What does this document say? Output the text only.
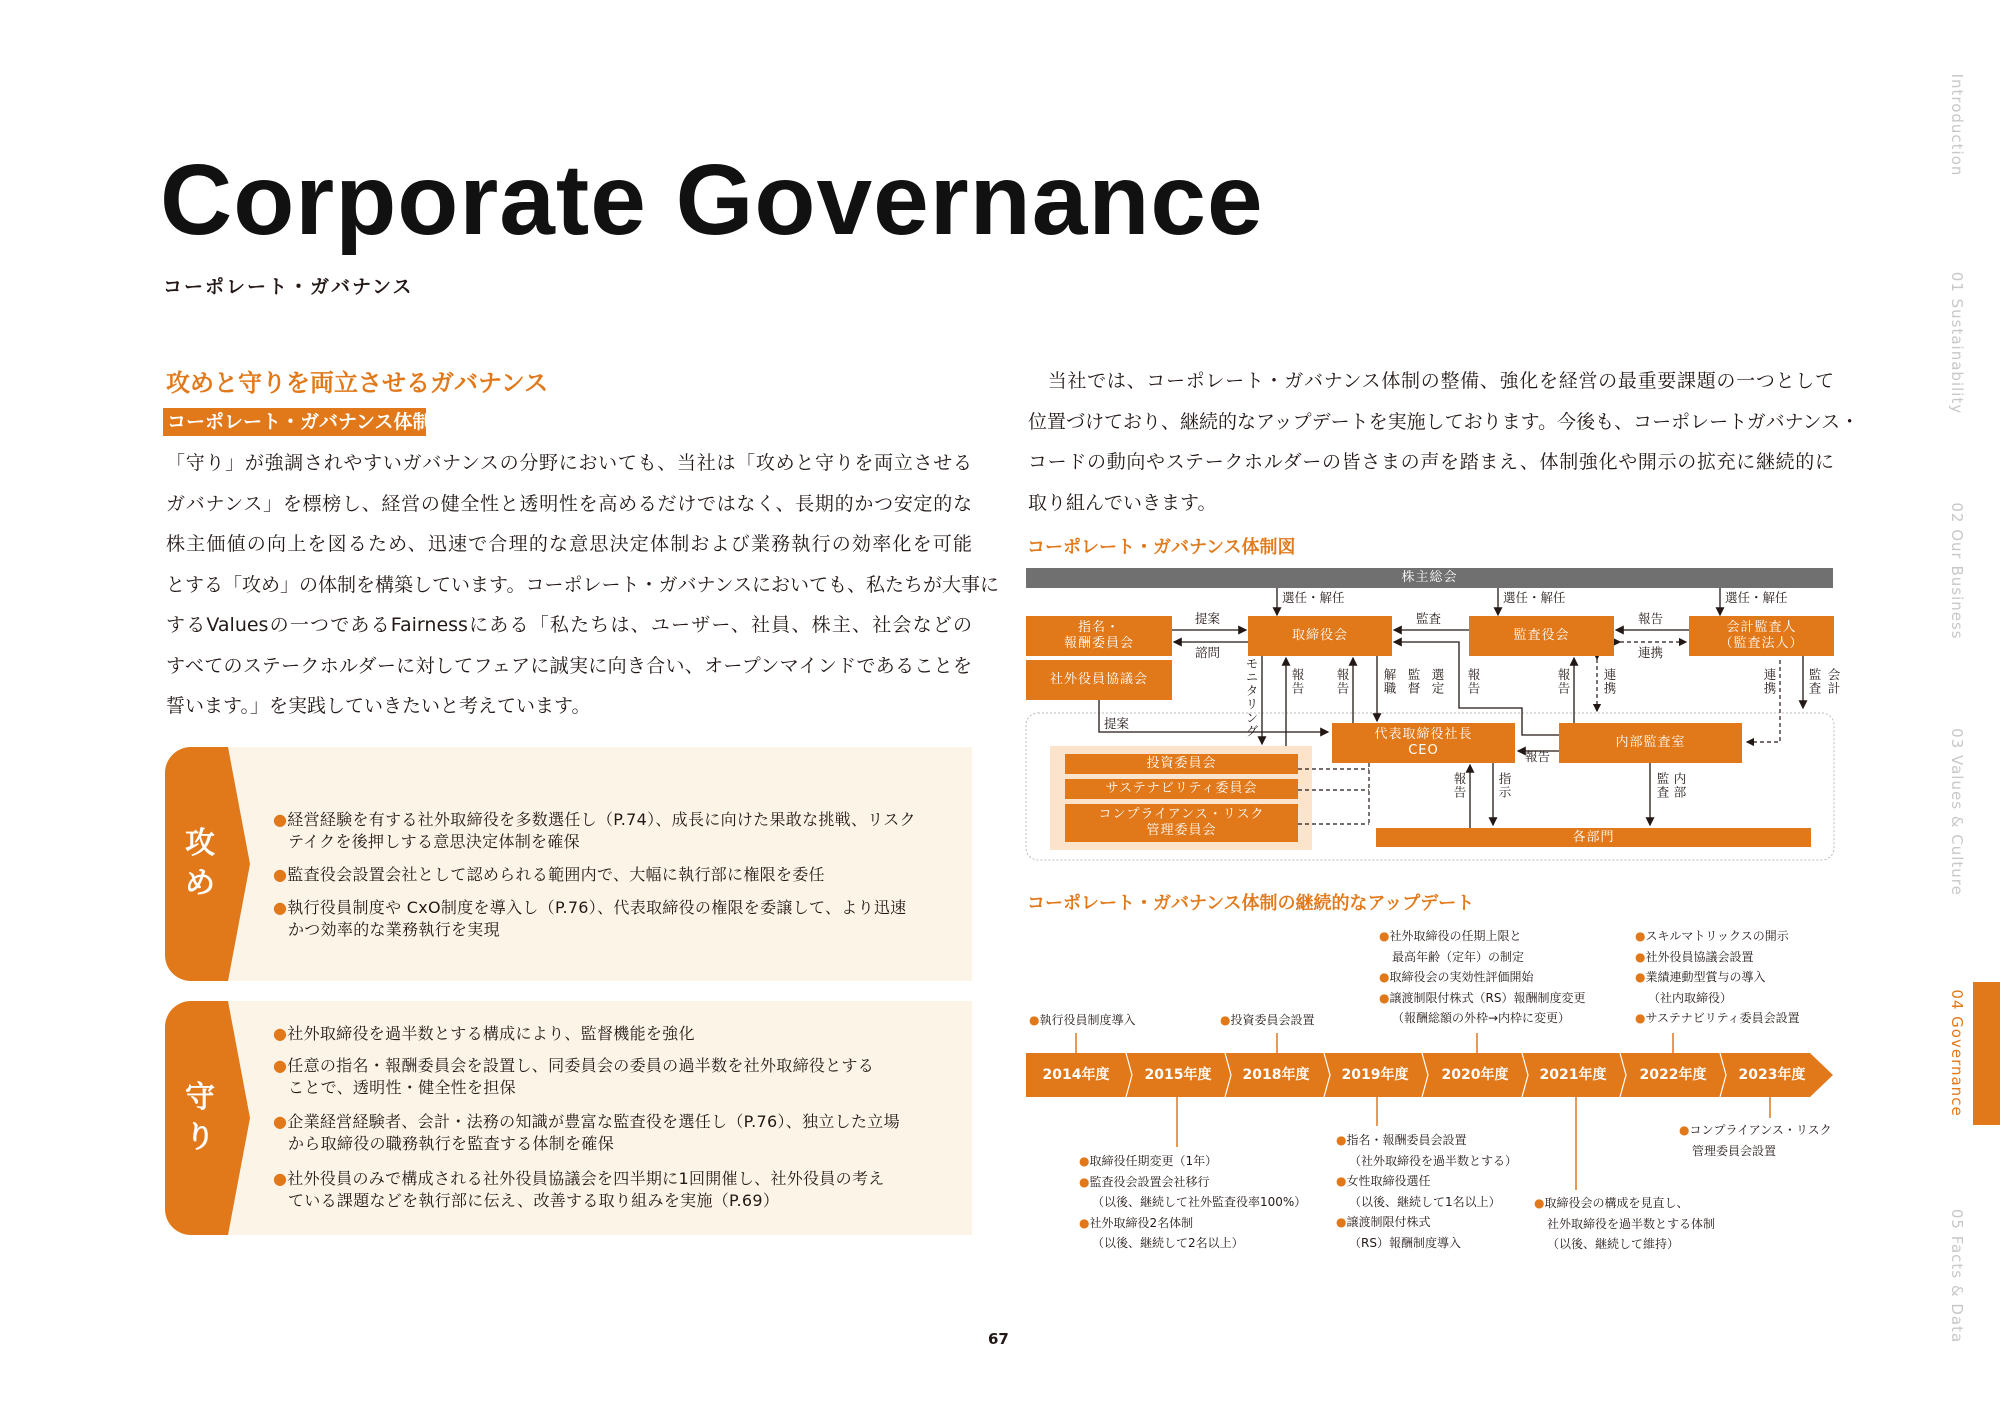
Corporate Governance
コーポレート・ガバナンス
攻めと守りを両立させるガバナンス
コーポレート・ガバナンス体制
「守り」が強調されやすいガバナンスの分野においても、当社は「攻めと守りを両立させる
ガバナンス」を標榜し、経営の健全性と透明性を高めるだけではなく、長期的かつ安定的な
株主価値の向上を図るため、迅速で合理的な意思決定体制および業務執行の効率化を可能
とする「攻め」の体制を構築しています。コーポレート・ガバナンスにおいても、私たちが大事に
するValuesの一つであるFairnessにある「私たちは、ユーザー、社員、株主、社会などの
すべてのステークホルダーに対してフェアに誠実に向き合い、オープンマインドであることを
誓います。」を実践していきたいと考えています。
攻
め
●経営経験を有する社外取締役を多数選任し（P.74）、成長に向けた果敢な挑戦、リスク
テイクを後押しする意思決定体制を確保
●監査役会設置会社として認められる範囲内で、大幅に執行部に権限を委任
●執行役員制度や CxO制度を導入し（P.76）、代表取締役の権限を委譲して、より迅速
かつ効率的な業務執行を実現
守
り
●社外取締役を過半数とする構成により、監督機能を強化
●任意の指名・報酬委員会を設置し、同委員会の委員の過半数を社外取締役とする
ことで、透明性・健全性を担保
●企業経営経験者、会計・法務の知識が豊富な監査役を選任し（P.76）、独立した立場
から取締役の職務執行を監査する体制を確保
●社外役員のみで構成される社外役員協議会を四半期に1回開催し、社外役員の考え
ている課題などを執行部に伝え、改善する取り組みを実施（P.69）
　当社では、コーポレート・ガバナンス体制の整備、強化を経営の最重要課題の一つとして
位置づけており、継続的なアップデートを実施しております。今後も、コーポレートガバナンス・
コードの動向やステークホルダーの皆さまの声を踏まえ、体制強化や開示の拡充に継続的に
取り組んでいきます。
コーポレート・ガバナンス体制図
コーポレート・ガバナンス体制の継続的なアップデート
株主総会
指名・
報酬委員会
社外役員協議会
取締役会	監査役会
会計監査人
（監査法人）
代表取締役社長
CEO
内部監査室
投資委員会
サステナビリティ委員会
コンプライアンス・リスク
管理委員会	各部門
選任・解任	選任・解任	選任・解任
提案
諮問
監査	報告
連携
モニタリング 報告 報告	解職 監督 選定 報告	報告 連携	連携	会計
監査
提案
報告
報告 指示	内部
監査
2014年度	2015年度	2018年度	2019年度	2020年度	2021年度	2022年度	2023年度
●執行役員制度導入	●投資委員会設置
●社外取締役の任期上限と
最高年齢（定年）の制定
●取締役会の実効性評価開始
●譲渡制限付株式（RS）報酬制度変更
（報酬総額の外枠→内枠に変更）
●スキルマトリックスの開示
●社外役員協議会設置
●業績連動型賞与の導入
（社内取締役）
●サステナビリティ委員会設置
●取締役任期変更（1年）
●監査役会設置会社移行
（以後、継続して社外監査役率100%）
●社外取締役2名体制
（以後、継続して2名以上）
●指名・報酬委員会設置
（社外取締役を過半数とする）
●女性取締役選任
（以後、継続して1名以上）
●譲渡制限付株式
（RS）報酬制度導入
●取締役会の構成を見直し、
社外取締役を過半数とする体制
（以後、継続して維持）
●コンプライアンス・リスク
管理委員会設置
Introduction
01 Sustainability
02 Our Business
03 Values & Culture
04 Governance
05 Facts & Data
67
